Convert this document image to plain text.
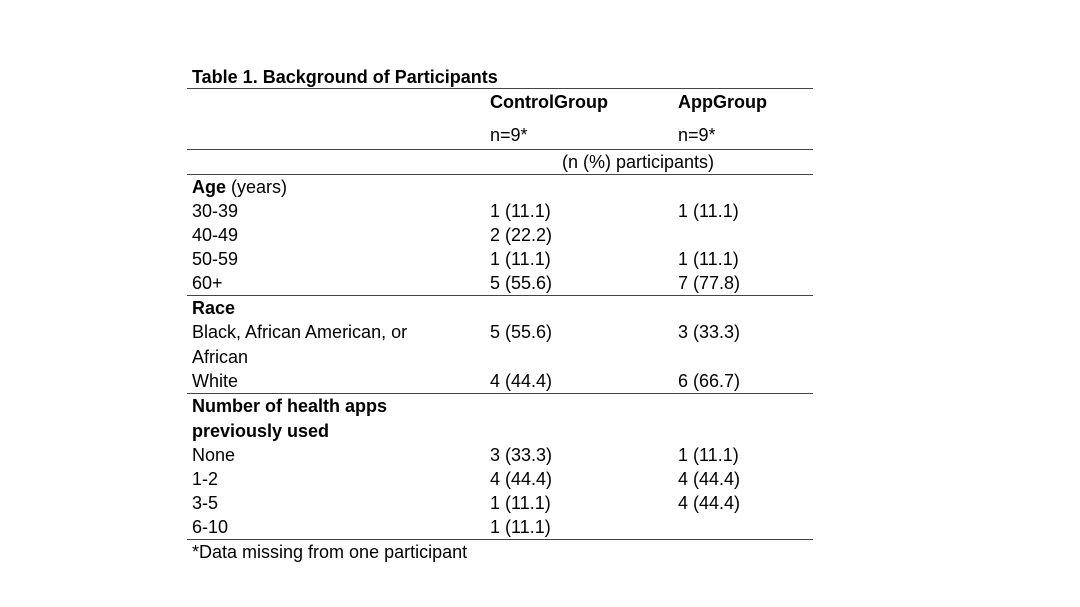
Table 1. Background of Participants
ControlGroup	AppGroup
n=9*	n=9*
(n (%) participants)
Age (years)
30-39	1 (11.1)	1 (11.1)
40-49	2 (22.2)
50-59	1 (11.1)	1 (11.1)
60+	5 (55.6)	7 (77.8)
Race
Black, African American, or	5 (55.6)	3 (33.3)
African
White	4 (44.4)	6 (66.7)
Number of health apps
previously used
None	3 (33.3)	1 (11.1)
1-2	4 (44.4)	4 (44.4)
3-5	1 (11.1)	4 (44.4)
6-10	1 (11.1)
*Data missing from one participant
